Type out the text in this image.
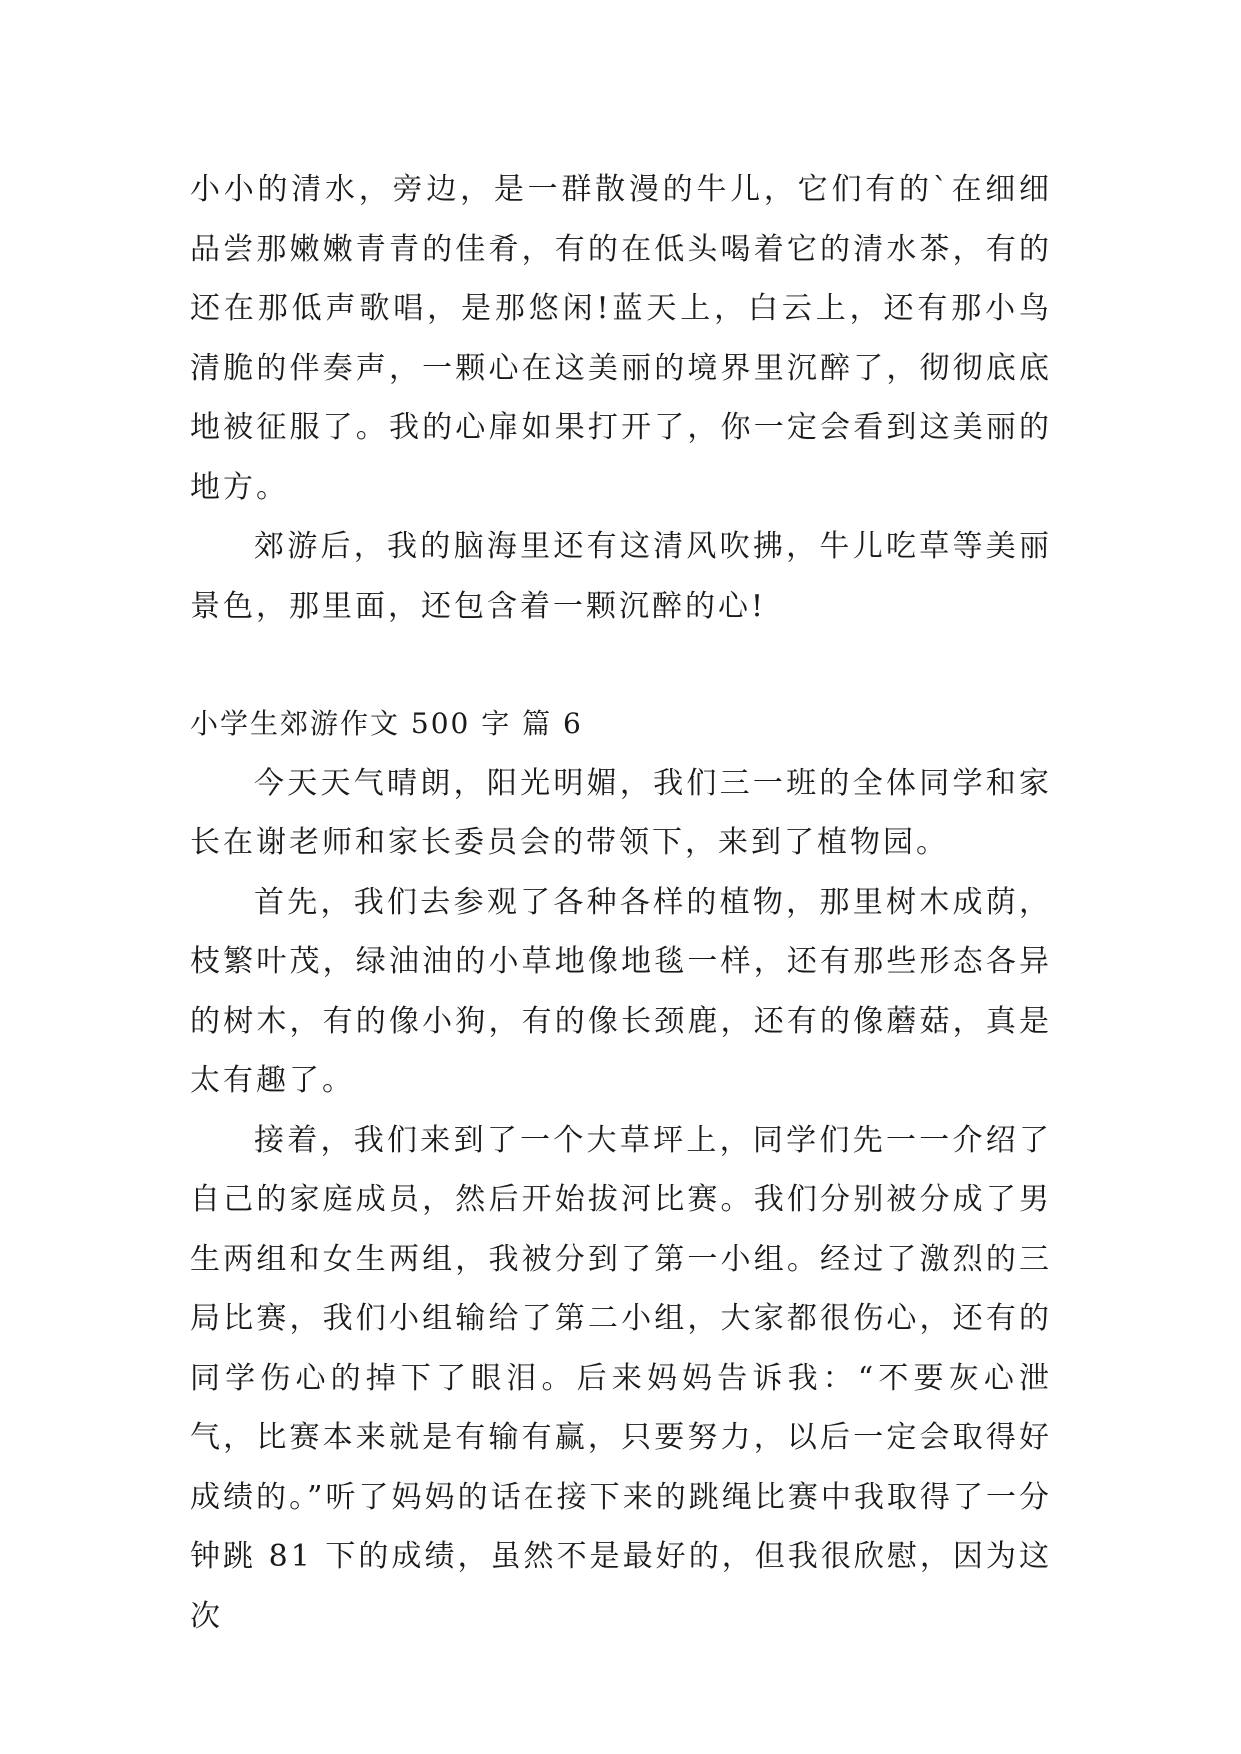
小小的清水，旁边，是一群散漫的牛儿，它们有的`在细细品尝那嫩嫩青青的佳肴，有的在低头喝着它的清水茶，有的还在那低声歌唱，是那悠闲!蓝天上，白云上，还有那小鸟清脆的伴奏声，一颗心在这美丽的境界里沉醉了，彻彻底底地被征服了。我的心扉如果打开了，你一定会看到这美丽的地方。

郊游后，我的脑海里还有这清风吹拂，牛儿吃草等美丽景色，那里面，还包含着一颗沉醉的心!

小学生郊游作文 500 字 篇 6

今天天气晴朗，阳光明媚，我们三一班的全体同学和家长在谢老师和家长委员会的带领下，来到了植物园。

首先，我们去参观了各种各样的植物，那里树木成荫，枝繁叶茂，绿油油的小草地像地毯一样，还有那些形态各异的树木，有的像小狗，有的像长颈鹿，还有的像蘑菇，真是太有趣了。

接着，我们来到了一个大草坪上，同学们先一一介绍了自己的家庭成员，然后开始拔河比赛。我们分别被分成了男生两组和女生两组，我被分到了第一小组。经过了激烈的三局比赛，我们小组输给了第二小组，大家都很伤心，还有的同学伤心的掉下了眼泪。后来妈妈告诉我：“不要灰心泄气，比赛本来就是有输有赢，只要努力，以后一定会取得好成绩的。”听了妈妈的话在接下来的跳绳比赛中我取得了一分钟跳 81 下的成绩，虽然不是最好的，但我很欣慰，因为这次
